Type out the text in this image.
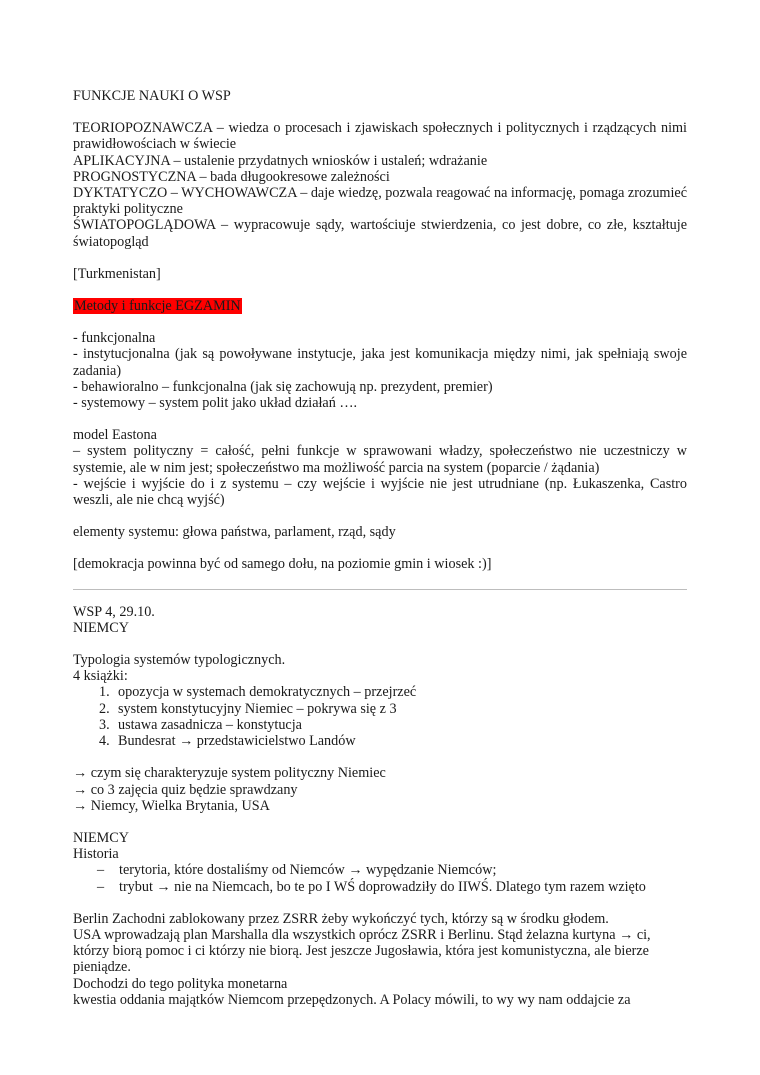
FUNKCJE NAUKI O WSP

TEORIOPOZNAWCZA – wiedza o procesach i zjawiskach społecznych i politycznych i rządzących nimi prawidłowościach w świecie

APLIKACYJNA – ustalenie przydatnych wniosków i ustaleń; wdrażanie

PROGNOSTYCZNA – bada długookresowe zależności

DYKTATYCZO – WYCHOWAWCZA – daje wiedzę, pozwala reagować na informację, pomaga zrozumieć praktyki polityczne

ŚWIATOPOGLĄDOWA – wypracowuje sądy, wartościuje stwierdzenia, co jest dobre, co złe, kształtuje światopogląd

[Turkmenistan]

Metody i funkcje EGZAMIN

- funkcjonalna

- instytucjonalna (jak są powoływane instytucje, jaka jest komunikacja między nimi, jak spełniają swoje zadania)

- behawioralno – funkcjonalna (jak się zachowują np. prezydent, premier)

- systemowy – system polit jako układ działań ….

model Eastona

– system polityczny = całość, pełni funkcje w sprawowani władzy, społeczeństwo nie uczestniczy w systemie, ale w nim jest; społeczeństwo ma możliwość parcia na system (poparcie / żądania)

- wejście i wyjście do i z systemu – czy wejście i wyjście nie jest utrudniane (np. Łukaszenka, Castro weszli, ale nie chcą wyjść)

elementy systemu: głowa państwa, parlament, rząd, sądy

[demokracja powinna być od samego dołu, na poziomie gmin i wiosek :)]

WSP 4, 29.10.

NIEMCY

Typologia systemów typologicznych.

4 książki:

1. opozycja w systemach demokratycznych – przejrzeć
2. system konstytucyjny Niemiec – pokrywa się z 3
3. ustawa zasadnicza – konstytucja
4. Bundesrat → przedstawicielstwo Landów

→ czym się charakteryzuje system polityczny Niemiec

→ co 3 zajęcia quiz będzie sprawdzany

→ Niemcy, Wielka Brytania, USA

NIEMCY

Historia

– terytoria, które dostaliśmy od Niemców → wypędzanie Niemców;
– trybut → nie na Niemcach, bo te po I WŚ doprowadziły do IIWŚ. Dlatego tym razem wzięto

Berlin Zachodni zablokowany przez ZSRR żeby wykończyć tych, którzy są w środku głodem.

USA wprowadzają plan Marshalla dla wszystkich oprócz ZSRR i Berlinu. Stąd żelazna kurtyna → ci, którzy biorą pomoc i ci którzy nie biorą. Jest jeszcze Jugosławia, która jest komunistyczna, ale bierze pieniądze.

Dochodzi do tego polityka monetarna

kwestia oddania majątków Niemcom przepędzonych. A Polacy mówili, to wy wy nam oddajcie za
